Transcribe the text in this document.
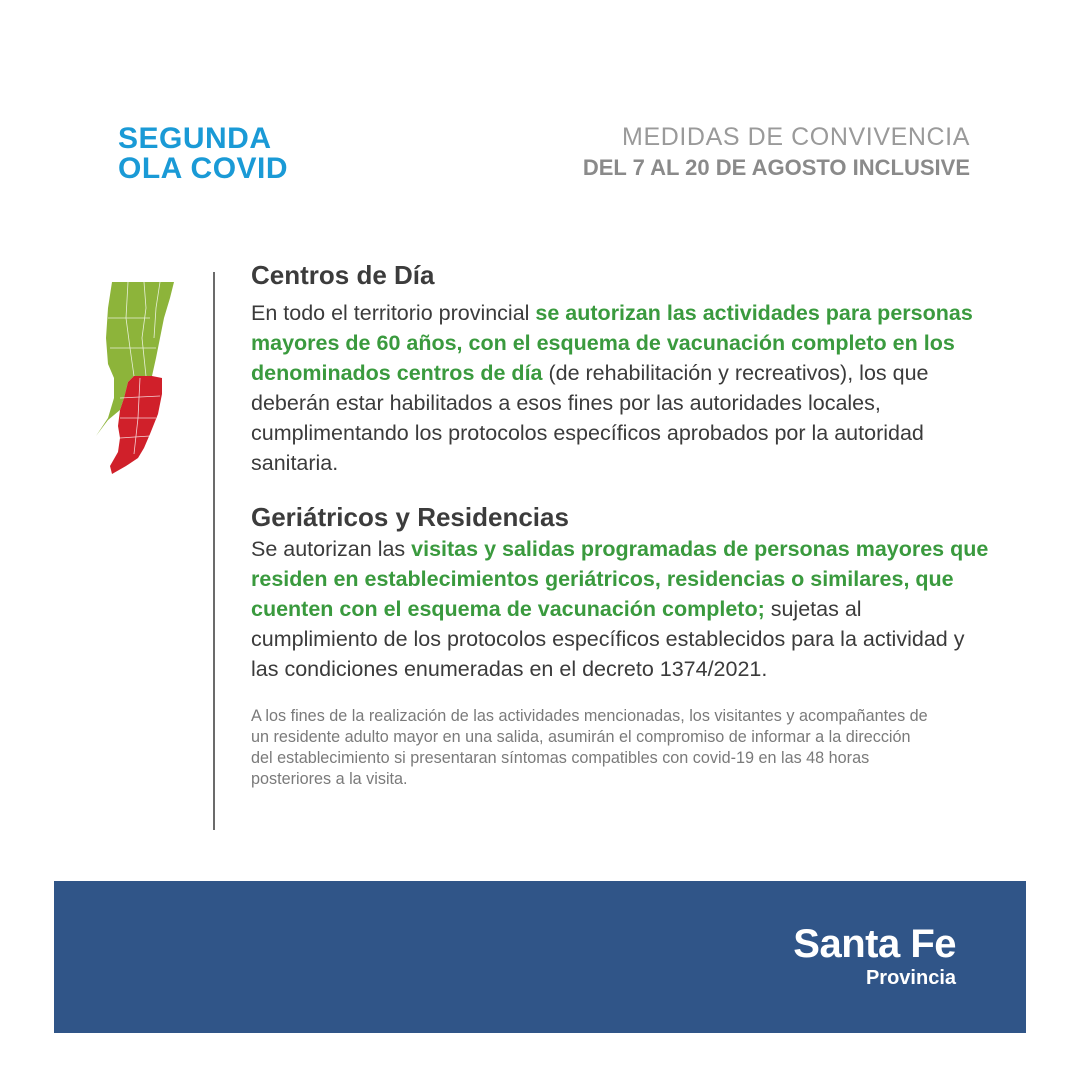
SEGUNDA
OLA COVID
MEDIDAS DE CONVIVENCIA
DEL 7 AL 20 DE AGOSTO INCLUSIVE
Centros de Día

En todo el territorio provincial se autorizan las actividades para personas mayores de 60 años, con el esquema de vacunación completo en los denominados centros de día (de rehabilitación y recreativos), los que deberán estar habilitados a esos fines por las autoridades locales, cumplimentando los protocolos específicos aprobados por la autoridad sanitaria.

Geriátricos y Residencias

Se autorizan las visitas y salidas programadas de personas mayores que residen en establecimientos geriátricos, residencias o similares, que cuenten con el esquema de vacunación completo; sujetas al cumplimiento de los protocolos específicos establecidos para la actividad y las condiciones enumeradas en el decreto 1374/2021.

A los fines de la realización de las actividades mencionadas, los visitantes y acompañantes de un residente adulto mayor en una salida, asumirán el compromiso de informar a la dirección del establecimiento si presentaran síntomas compatibles con covid-19 en las 48 horas posteriores a la visita.
Santa Fe
Provincia
